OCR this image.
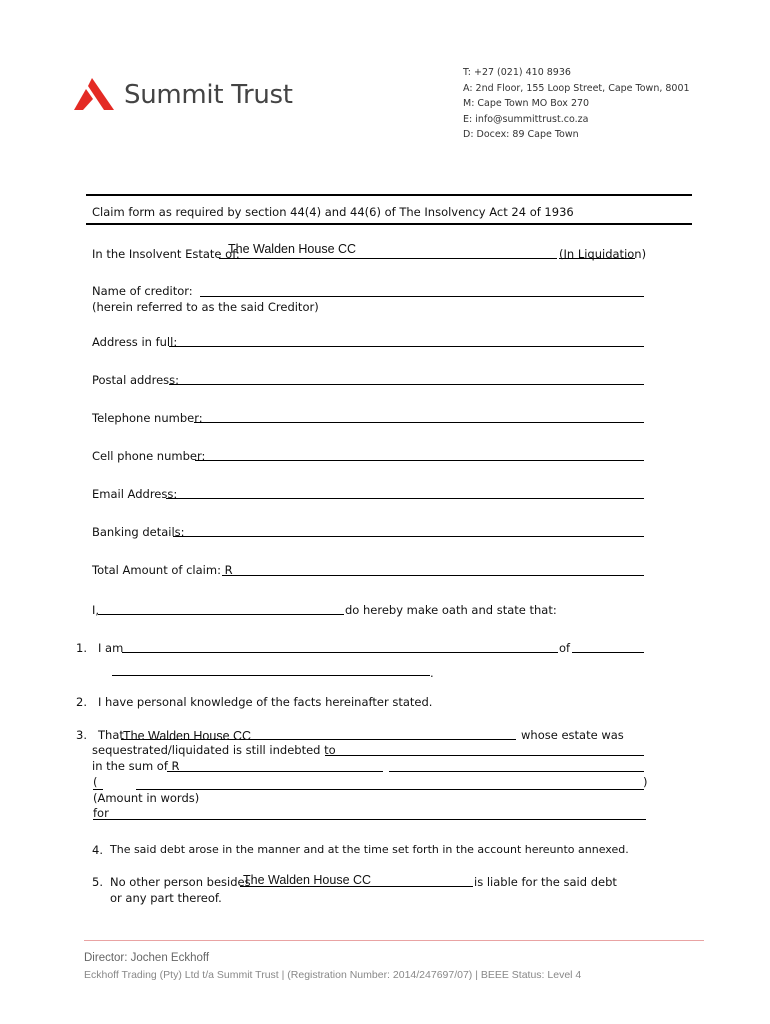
Summit Trust
T: +27 (021) 410 8936
A: 2nd Floor, 155 Loop Street, Cape Town, 8001
M: Cape Town MO Box 270
E: info@summittrust.co.za
D: Docex: 89 Cape Town
Claim form as required by section 44(4) and 44(6) of The Insolvency Act 24 of 1936
In the Insolvent Estate of:
The Walden House CC	(In Liquidation)
Name of creditor:
(herein referred to as the said Creditor)
Address in full:
Postal address:
Telephone number:
Cell phone number:
Email Address:
Banking details:
Total Amount of claim: R
I,	do hereby make oath and state that:
1. I am	of
.
2. I have personal knowledge of the facts hereinafter stated.
3. That The Walden House CC	whose estate was
sequestrated/liquidated is still indebted to
in the sum of R
(	)
(Amount in words)
for
4. The said debt arose in the manner and at the time set forth in the account hereunto annexed.
5. No other person besides
The Walden House CC	is liable for the said debt
or any part thereof.
Director: Jochen Eckhoff
Eckhoff Trading (Pty) Ltd t/a Summit Trust | (Registration Number: 2014/247697/07) | BEEE Status: Level 4
